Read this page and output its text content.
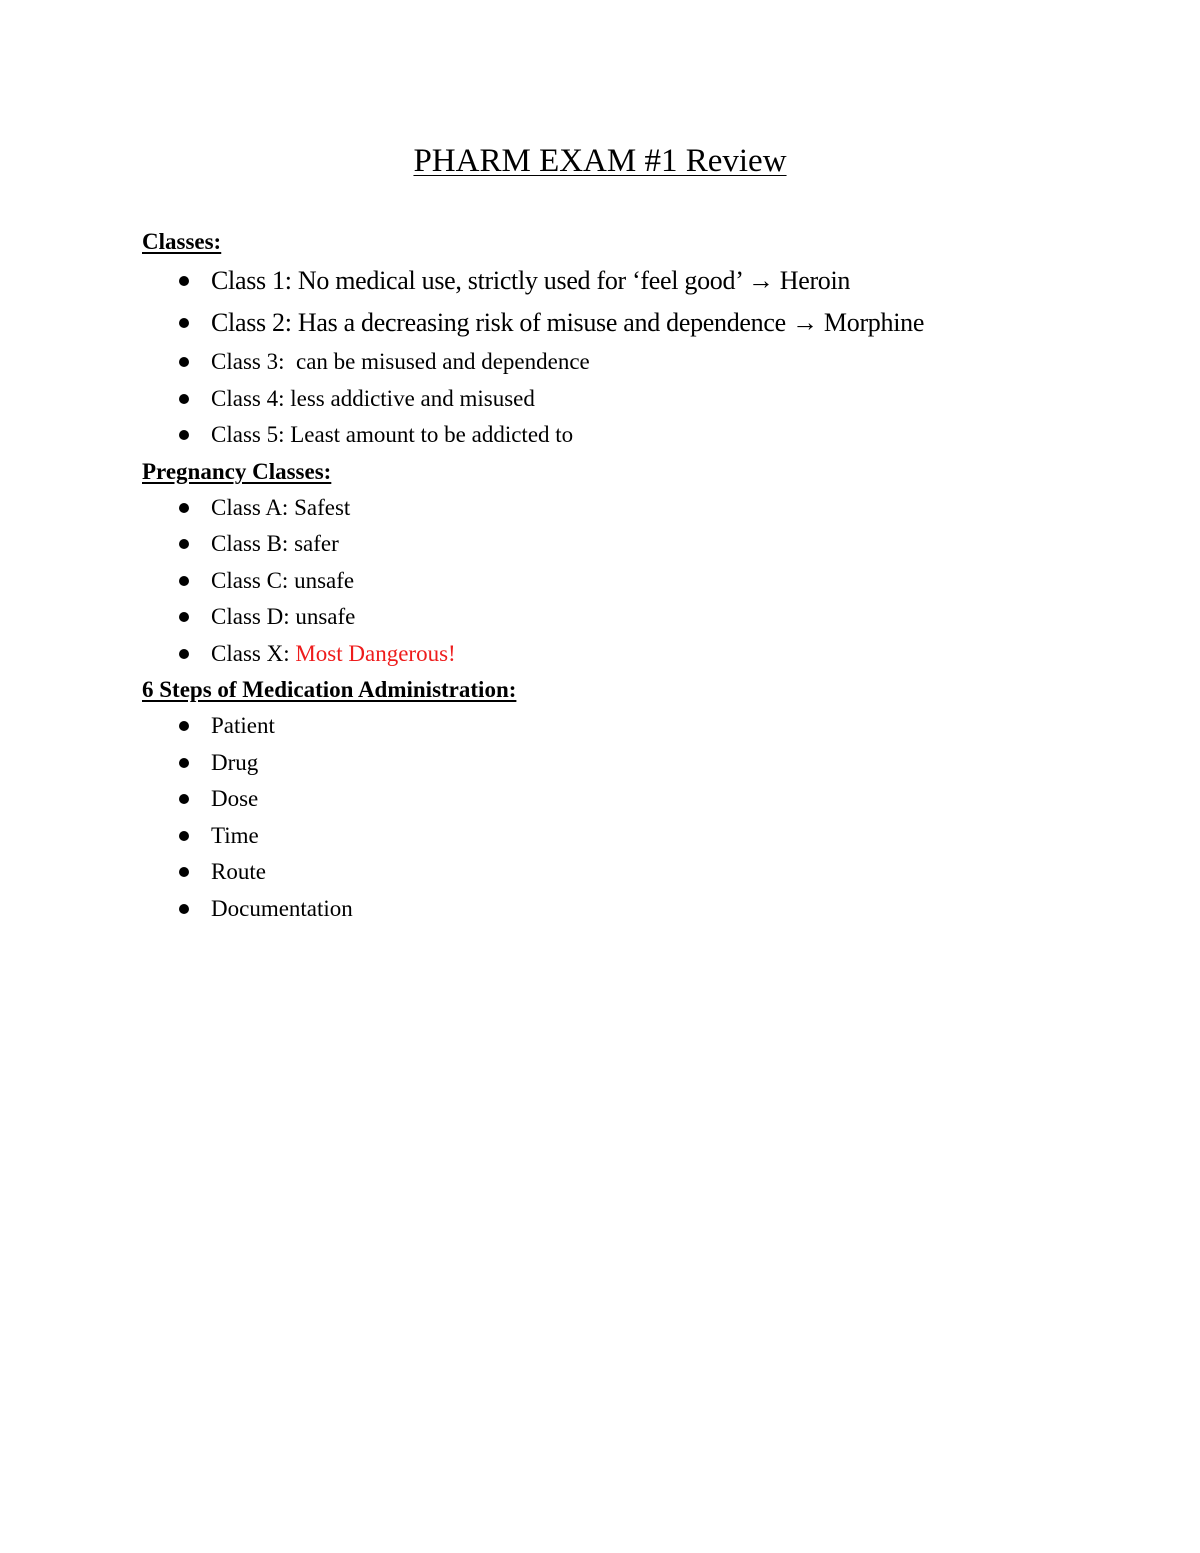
PHARM EXAM #1 Review
Classes:
Class 1: No medical use, strictly used for ‘feel good’ → Heroin
Class 2: Has a decreasing risk of misuse and dependence → Morphine
Class 3:  can be misused and dependence
Class 4: less addictive and misused
Class 5: Least amount to be addicted to
Pregnancy Classes:
Class A: Safest
Class B: safer
Class C: unsafe
Class D: unsafe
Class X: Most Dangerous!
6 Steps of Medication Administration:
Patient
Drug
Dose
Time
Route
Documentation
